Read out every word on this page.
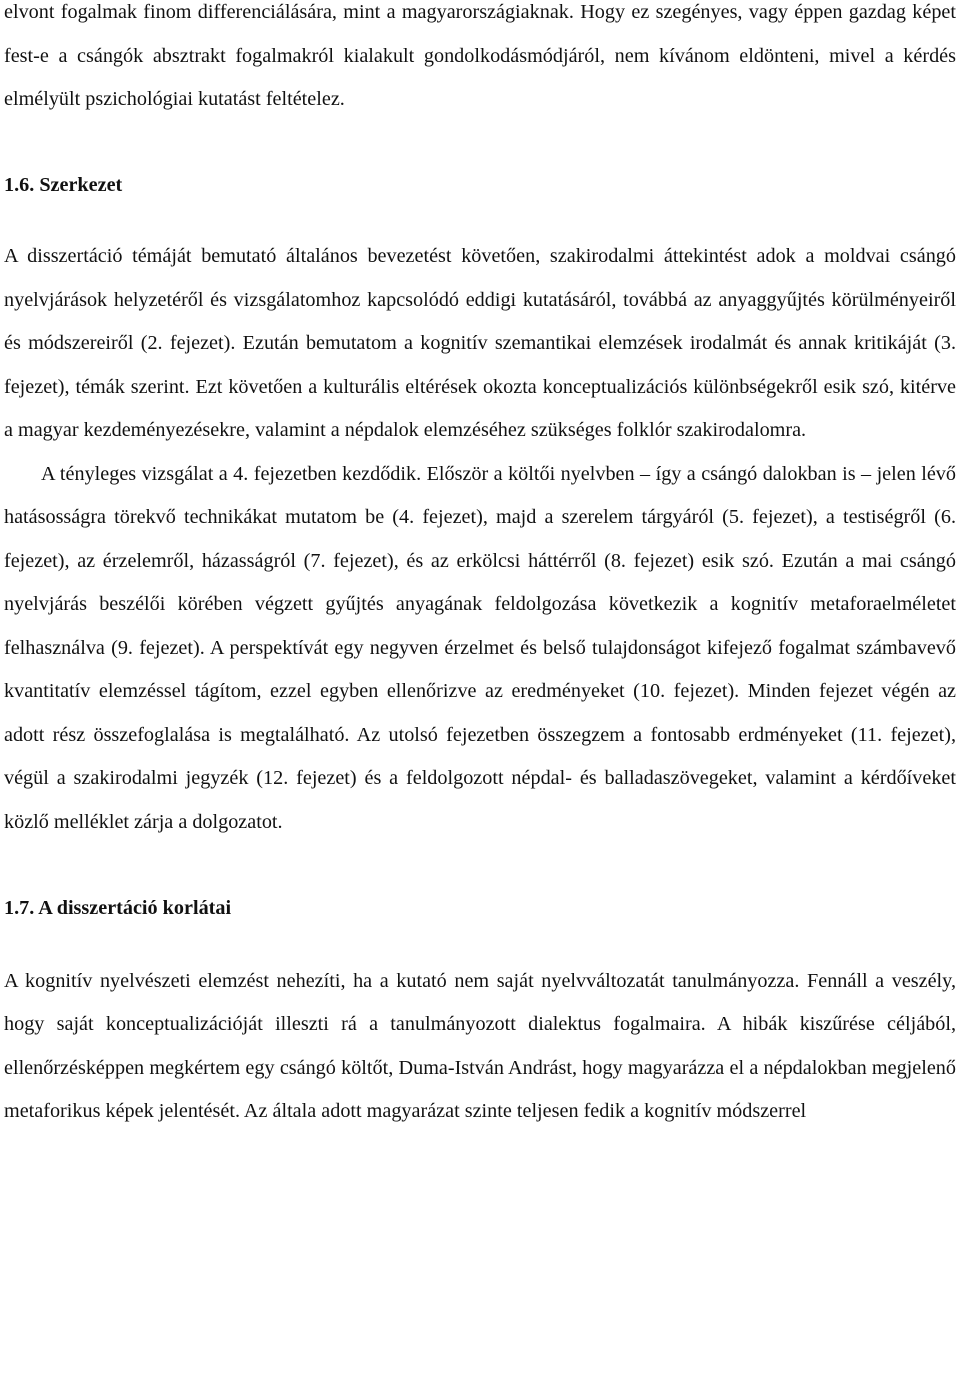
elvont fogalmak finom differenciálására, mint a magyarországiaknak. Hogy ez szegényes, vagy éppen gazdag képet fest-e a csángók absztrakt fogalmakról kialakult gondolkodásmódjáról, nem kívánom eldönteni, mivel a kérdés elmélyült pszichológiai kutatást feltételez.

1.6. Szerkezet

A disszertáció témáját bemutató általános bevezetést követően, szakirodalmi áttekintést adok a moldvai csángó nyelvjárások helyzetéről és vizsgálatomhoz kapcsolódó eddigi kutatásáról, továbbá az anyaggyűjtés körülményeiről és módszereiről (2. fejezet). Ezután bemutatom a kognitív szemantikai elemzések irodalmát és annak kritikáját (3. fejezet), témák szerint. Ezt követően a kulturális eltérések okozta konceptualizációs különbségekről esik szó, kitérve a magyar kezdeményezésekre, valamint a népdalok elemzéséhez szükséges folklór szakirodalomra.

A tényleges vizsgálat a 4. fejezetben kezdődik. Először a költői nyelvben – így a csángó dalokban is – jelen lévő hatásosságra törekvő technikákat mutatom be (4. fejezet), majd a szerelem tárgyáról (5. fejezet), a testiségről (6. fejezet), az érzelemről, házasságról (7. fejezet), és az erkölcsi háttérről (8. fejezet) esik szó. Ezután a mai csángó nyelvjárás beszélői körében végzett gyűjtés anyagának feldolgozása következik a kognitív metaforaelméletet felhasználva (9. fejezet). A perspektívát egy negyven érzelmet és belső tulajdonságot kifejező fogalmat számbavevő kvantitatív elemzéssel tágítom, ezzel egyben ellenőrizve az eredményeket (10. fejezet). Minden fejezet végén az adott rész összefoglalása is megtalálható. Az utolsó fejezetben összegzem a fontosabb erdményeket (11. fejezet), végül a szakirodalmi jegyzék (12. fejezet) és a feldolgozott népdal- és balladaszövegeket, valamint a kérdőíveket közlő melléklet zárja a dolgozatot.

1.7. A disszertáció korlátai

A kognitív nyelvészeti elemzést nehezíti, ha a kutató nem saját nyelvváltozatát tanulmányozza. Fennáll a veszély, hogy saját konceptualizációját illeszti rá a tanulmányozott dialektus fogalmaira. A hibák kiszűrése céljából, ellenőrzésképpen megkértem egy csángó költőt, Duma-István Andrást, hogy magyarázza el a népdalokban megjelenő metaforikus képek jelentését. Az általa adott magyarázat szinte teljesen fedik a kognitív módszerrel
